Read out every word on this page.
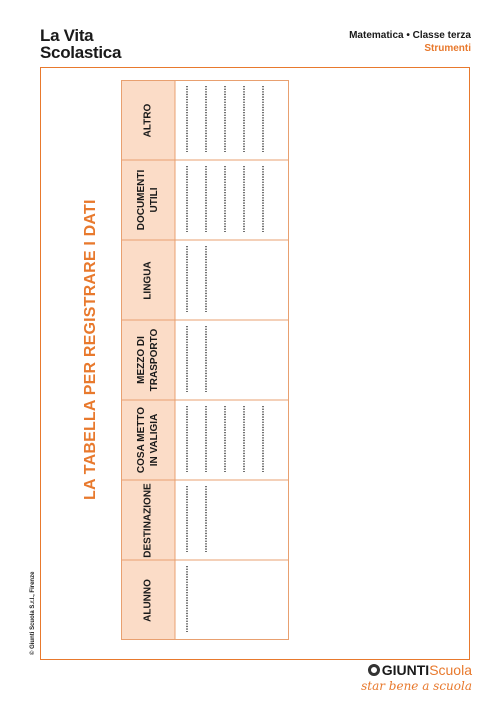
La Vita
Scolastica
Matematica • Classe terza
Strumenti
© Giunti Scuola S.r.l., Firenze
LA TABELLA PER REGISTRARE I DATI
ALUNNO
DESTINAZIONE
COSA METTO IN VALIGIA
MEZZO DI TRASPORTO
LINGUA
DOCUMENTI UTILI
ALTRO
GIUNTIScuola
star bene a scuola
